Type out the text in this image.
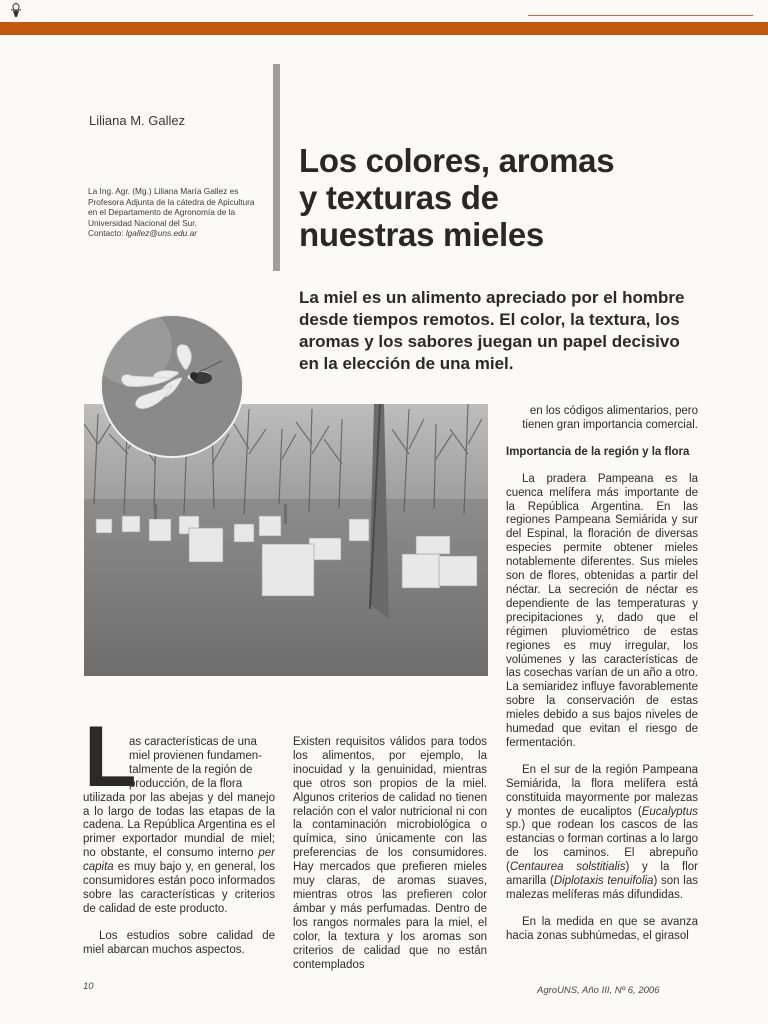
Liliana M. Gallez
La Ing. Agr. (Mg.) Liliana María Gallez es Profesora Adjunta de la cátedra de Apicultura en el Departamento de Agronomía de la Universidad Nacional del Sur.
Contacto: lgallez@uns.edu.ar
Los colores, aromas
y texturas de
nuestras mieles
La miel es un alimento apreciado por el hombre desde tiempos remotos. El color, la textura, los aromas y los sabores juegan un papel decisivo en la elección de una miel.

en los códigos alimentarios, pero tienen gran importancia comercial.

Importancia de la región y la flora

La pradera Pampeana es la cuenca melífera más importante de la República Argentina. En las regiones Pampeana Semiárida y sur del Espinal, la floración de diversas especies permite obtener mieles notablemente diferentes. Sus mieles son de flores, obtenidas a partir del néctar. La secreción de néctar es dependiente de las temperaturas y precipitaciones y, dado que el régimen pluviométrico de estas regiones es muy irregular, los volúmenes y las características de las cosechas varían de un año a otro. La semiaridez influye favorablemente sobre la conservación de estas mieles debido a sus bajos niveles de humedad que evitan el riesgo de fermentación.

En el sur de la región Pampeana Semiárida, la flora melífera está constituida mayormente por malezas y montes de eucaliptos (Eucalyptus sp.) que rodean los cascos de las estancias o forman cortinas a lo largo de los caminos. El abrepuño (Centaurea solstitialis) y la flor amarilla (Diplotaxis tenuifolia) son las malezas melíferas más difundidas.

En la medida en que se avanza hacia zonas subhúmedas, el girasol

L
as características de una
miel provienen fundamen-
talmente de la región de
producción, de la flora

utilizada por las abejas y del manejo a lo largo de todas las etapas de la cadena. La República Argentina es el primer exportador mundial de miel; no obstante, el consumo interno per capita es muy bajo y, en general, los consumidores están poco informados sobre las características y criterios de calidad de este producto.

Los estudios sobre calidad de miel abarcan muchos aspectos.

Existen requisitos válidos para todos los alimentos, por ejemplo, la inocuidad y la genuinidad, mientras que otros son propios de la miel. Algunos criterios de calidad no tienen relación con el valor nutricional ni con la contaminación microbiológica o química, sino únicamente con las preferencias de los consumidores. Hay mercados que prefieren mieles muy claras, de aromas suaves, mientras otros las prefieren color ámbar y más perfumadas. Dentro de los rangos normales para la miel, el color, la textura y los aromas son criterios de calidad que no están contemplados

10	AgroUNS, Año III, Nº 6, 2006
